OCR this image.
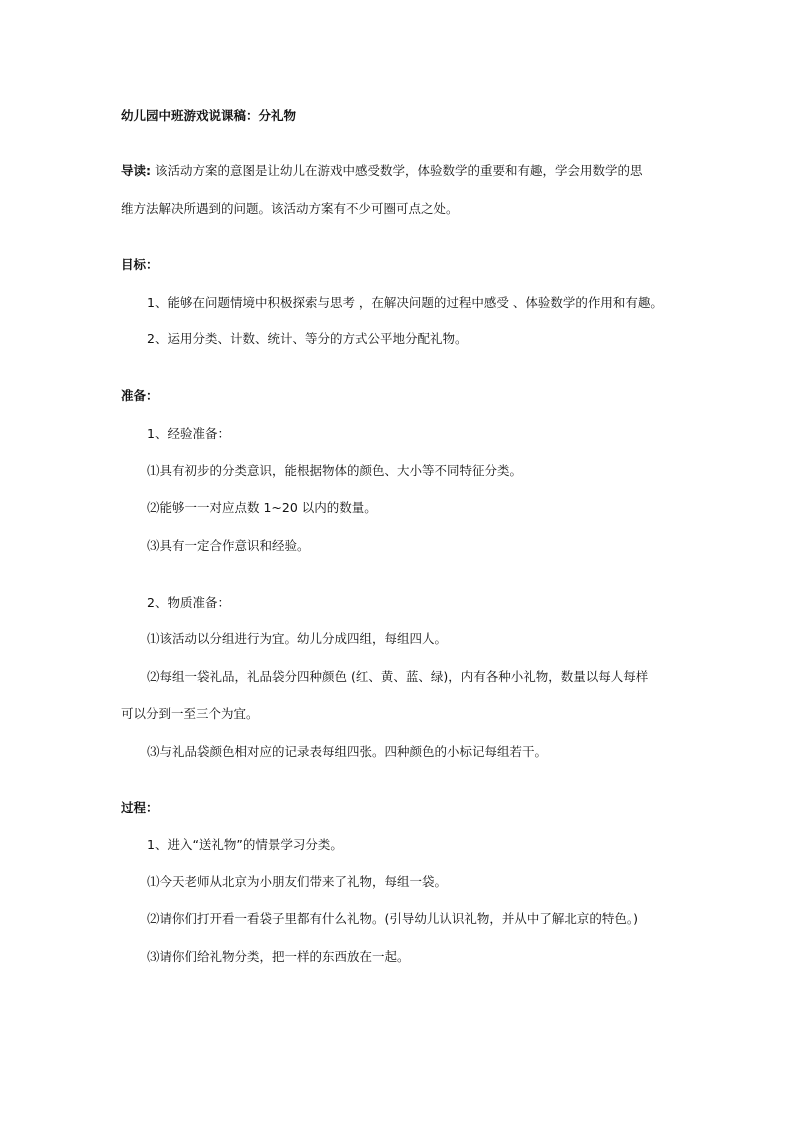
幼儿园中班游戏说课稿：分礼物
导读: 该活动方案的意图是让幼儿在游戏中感受数学，体验数学的重要和有趣，学会用数学的思
维方法解决所遇到的问题。该活动方案有不少可圈可点之处。
目标：
1、能够在问题情境中积极探索与思考 ，在解决问题的过程中感受 、体验数学的作用和有趣。
2、运用分类、计数、统计、等分的方式公平地分配礼物。
准备：
1、经验准备：
⑴具有初步的分类意识，能根据物体的颜色、大小等不同特征分类。
⑵能够一一对应点数 1~20 以内的数量。
⑶具有一定合作意识和经验。
2、物质准备：
⑴该活动以分组进行为宜。幼儿分成四组，每组四人。
⑵每组一袋礼品，礼品袋分四种颜色 (红、黄、蓝、绿)，内有各种小礼物，数量以每人每样
可以分到一至三个为宜。
⑶与礼品袋颜色相对应的记录表每组四张。四种颜色的小标记每组若干。
过程：
1、进入“送礼物”的情景学习分类。
⑴今天老师从北京为小朋友们带来了礼物，每组一袋。
⑵请你们打开看一看袋子里都有什么礼物。(引导幼儿认识礼物，并从中了解北京的特色。)
⑶请你们给礼物分类，把一样的东西放在一起。
